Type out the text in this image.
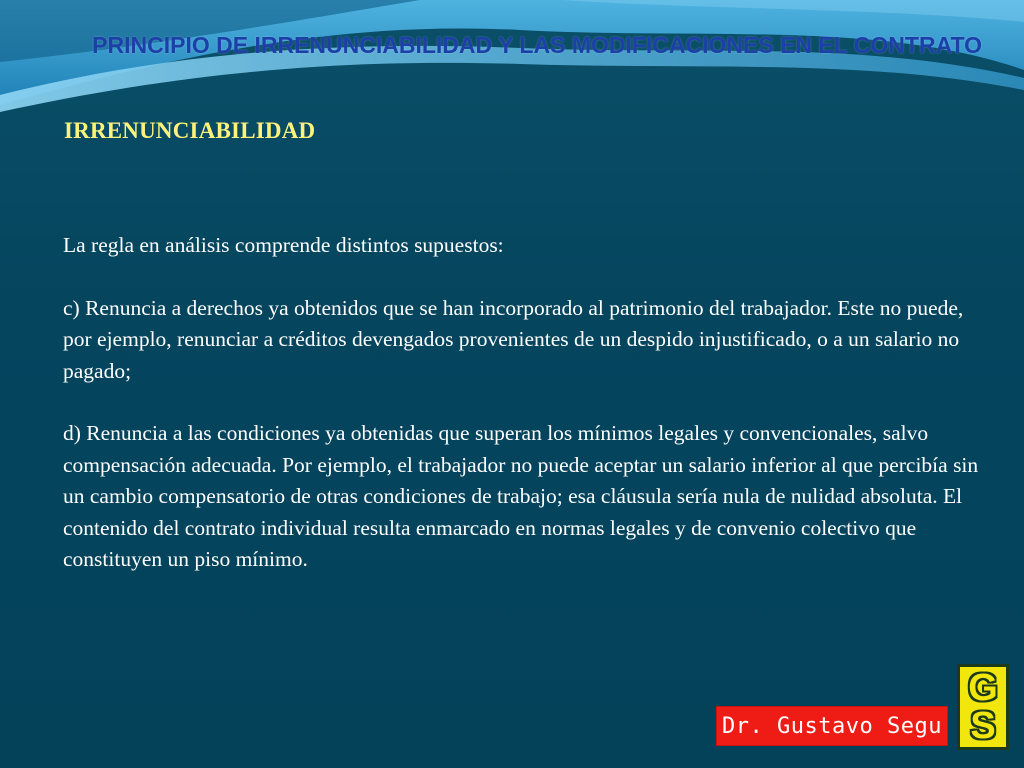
PRINCIPIO DE IRRENUNCIABILIDAD Y LAS MODIFICACIONES EN EL CONTRATO
IRRENUNCIABILIDAD

La regla en análisis comprende distintos supuestos:

c) Renuncia a derechos ya obtenidos que se han incorporado al patrimonio del trabajador. Este no puede, por ejemplo, renunciar a créditos devengados provenientes de un despido injustificado, o a un salario no pagado;

d) Renuncia a las condiciones ya obtenidas que superan los mínimos legales y convencionales, salvo compensación adecuada. Por ejemplo, el trabajador no puede aceptar un salario inferior al que percibía sin un cambio compensatorio de otras condiciones de trabajo; esa cláusula sería nula de nulidad absoluta. El contenido del contrato individual resulta enmarcado en normas legales y de convenio colectivo que constituyen un piso mínimo.

Dr. Gustavo Segu
G
S
